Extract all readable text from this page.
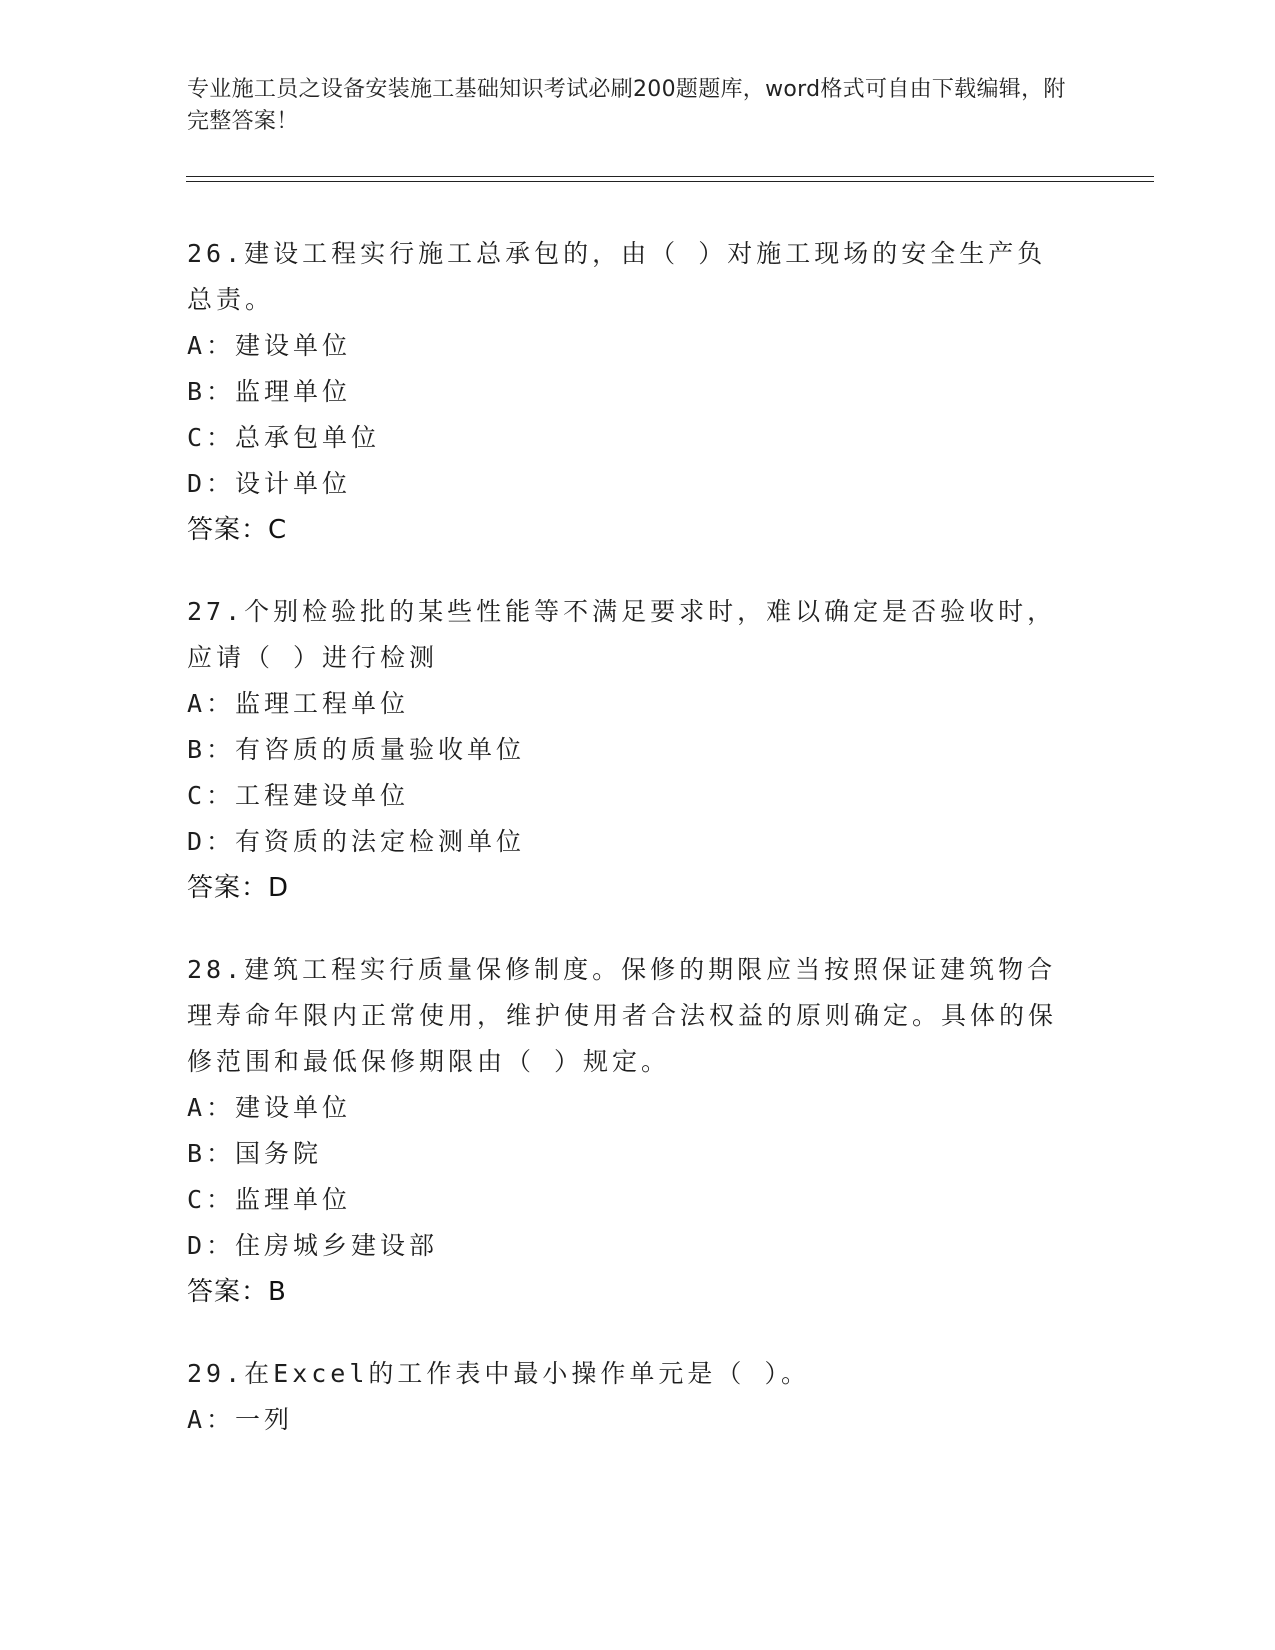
专业施工员之设备安装施工基础知识考试必刷200题题库，word格式可自由下载编辑，附完整答案！
26.建设工程实行施工总承包的，由（ ）对施工现场的安全生产负总责。
A：建设单位
B：监理单位
C：总承包单位
D：设计单位
答案：C
27.个别检验批的某些性能等不满足要求时，难以确定是否验收时，应请（ ）进行检测
A：监理工程单位
B：有咨质的质量验收单位
C：工程建设单位
D：有资质的法定检测单位
答案：D
28.建筑工程实行质量保修制度。保修的期限应当按照保证建筑物合理寿命年限内正常使用，维护使用者合法权益的原则确定。具体的保修范围和最低保修期限由（ ）规定。
A：建设单位
B：国务院
C：监理单位
D：住房城乡建设部
答案：B
29.在Excel的工作表中最小操作单元是（ ）。
A：一列
